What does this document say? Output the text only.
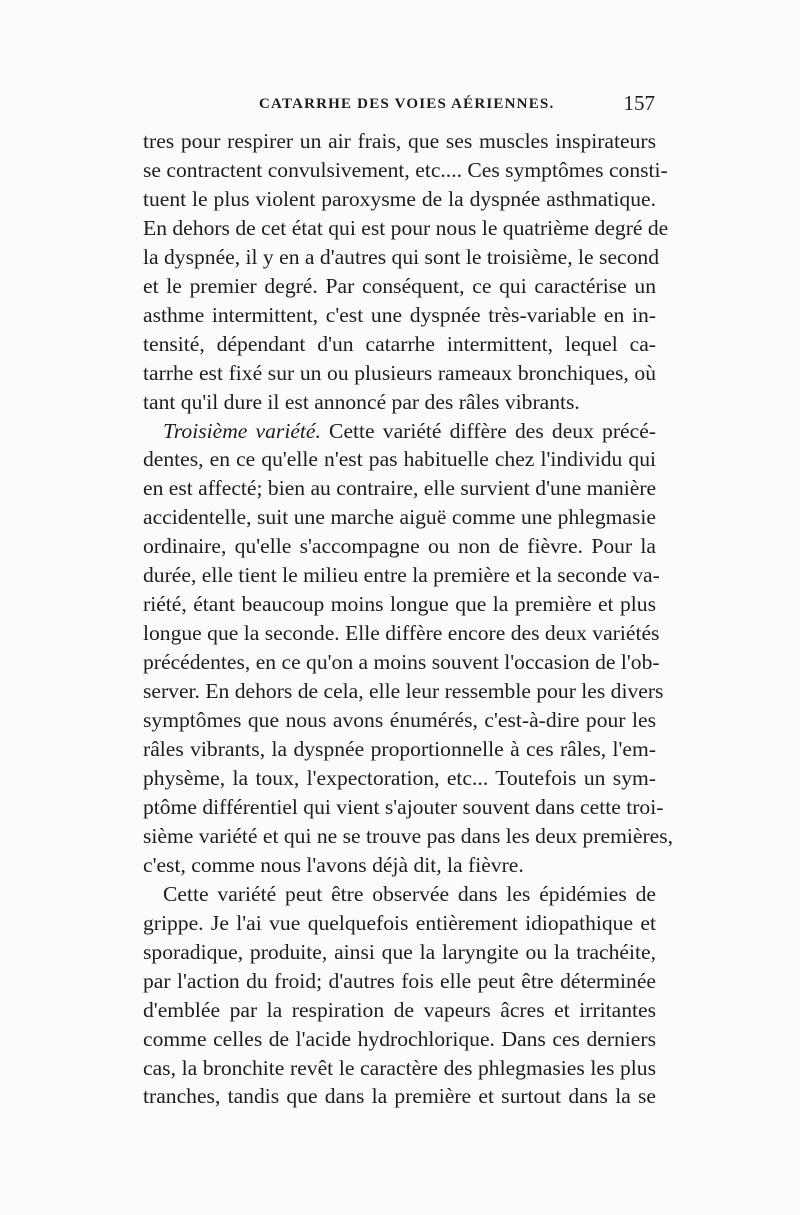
CATARRHE DES VOIES AÉRIENNES.	157
tres pour respirer un air frais, que ses muscles inspirateurs
se contractent convulsivement, etc.... Ces symptômes consti-
tuent le plus violent paroxysme de la dyspnée asthmatique.
En dehors de cet état qui est pour nous le quatrième degré de
la dyspnée, il y en a d'autres qui sont le troisième, le second
et le premier degré. Par conséquent, ce qui caractérise un
asthme intermittent, c'est une dyspnée très-variable en in-
tensité, dépendant d'un catarrhe intermittent, lequel ca-
tarrhe est fixé sur un ou plusieurs rameaux bronchiques, où
tant qu'il dure il est annoncé par des râles vibrants.
Troisième variété. Cette variété diffère des deux précé-
dentes, en ce qu'elle n'est pas habituelle chez l'individu qui
en est affecté; bien au contraire, elle survient d'une manière
accidentelle, suit une marche aiguë comme une phlegmasie
ordinaire, qu'elle s'accompagne ou non de fièvre. Pour la
durée, elle tient le milieu entre la première et la seconde va-
riété, étant beaucoup moins longue que la première et plus
longue que la seconde. Elle diffère encore des deux variétés
précédentes, en ce qu'on a moins souvent l'occasion de l'ob-
server. En dehors de cela, elle leur ressemble pour les divers
symptômes que nous avons énumérés, c'est-à-dire pour les
râles vibrants, la dyspnée proportionnelle à ces râles, l'em-
physème, la toux, l'expectoration, etc... Toutefois un sym-
ptôme différentiel qui vient s'ajouter souvent dans cette troi-
sième variété et qui ne se trouve pas dans les deux premières,
c'est, comme nous l'avons déjà dit, la fièvre.
Cette variété peut être observée dans les épidémies de
grippe. Je l'ai vue quelquefois entièrement idiopathique et
sporadique, produite, ainsi que la laryngite ou la trachéite,
par l'action du froid; d'autres fois elle peut être déterminée
d'emblée par la respiration de vapeurs âcres et irritantes
comme celles de l'acide hydrochlorique. Dans ces derniers
cas, la bronchite revêt le caractère des phlegmasies les plus
tranches, tandis que dans la première et surtout dans la se
